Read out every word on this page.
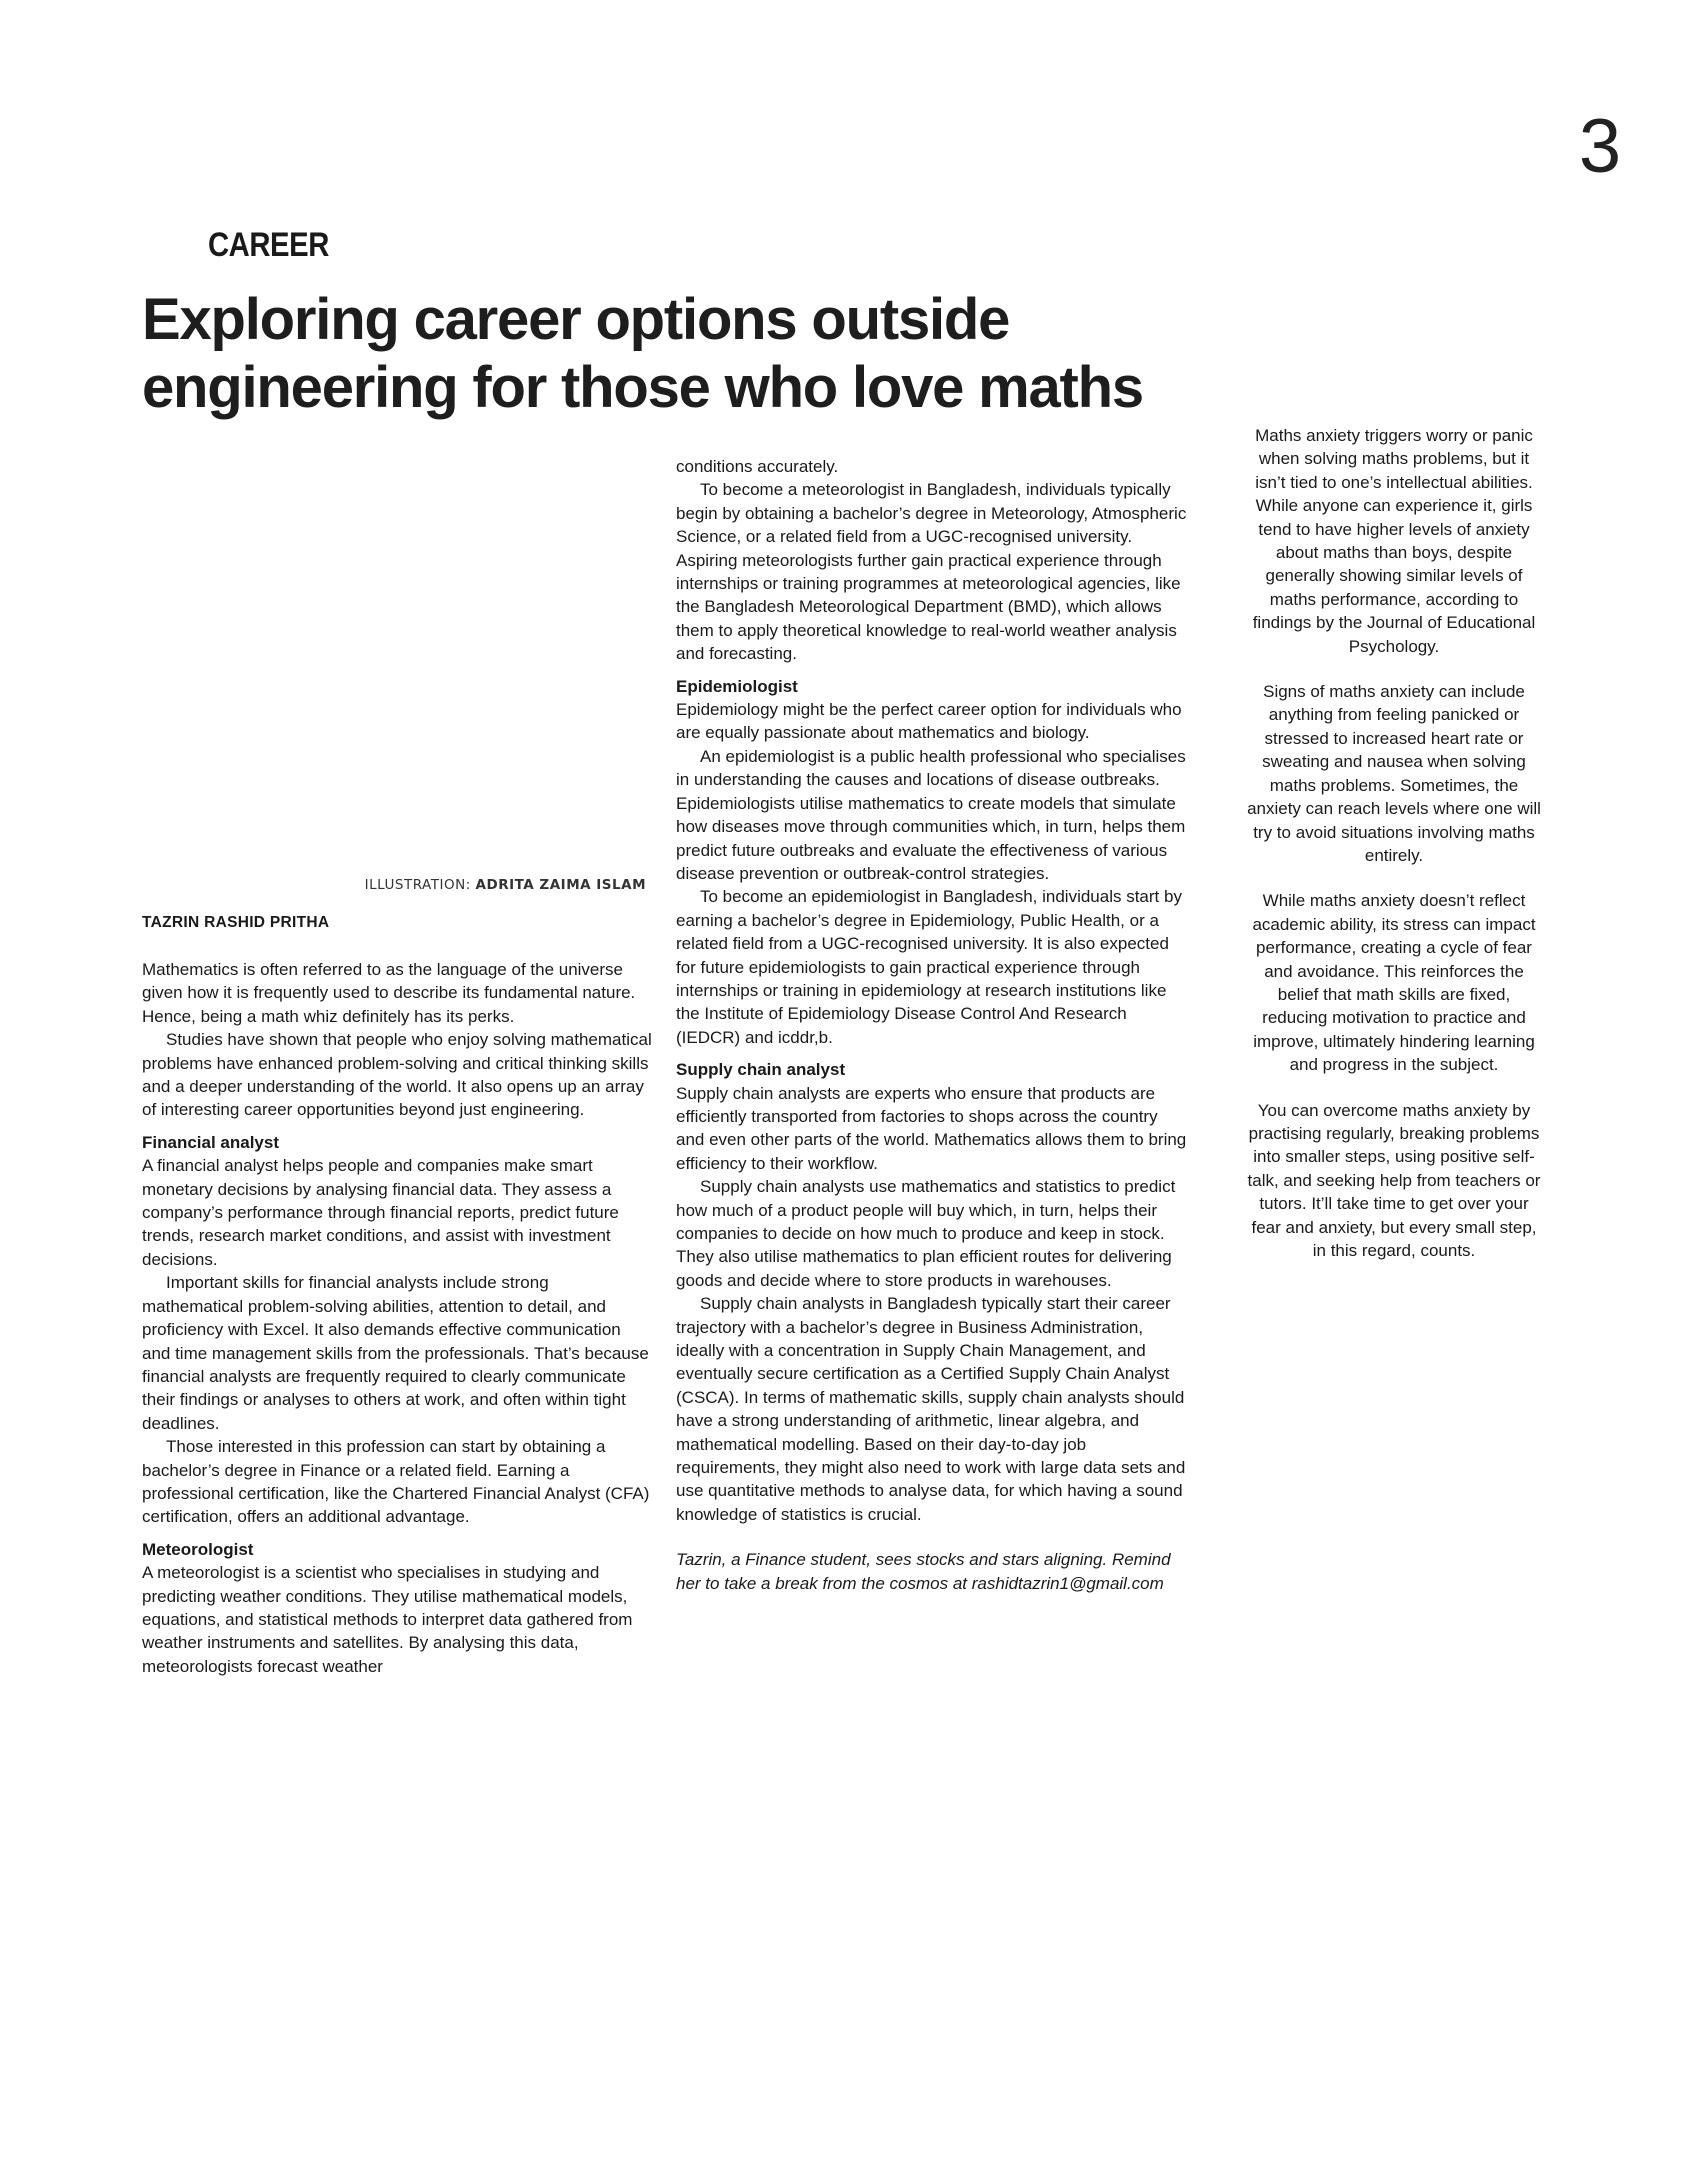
3
CAREER
Exploring career options outside
engineering for those who love maths
ILLUSTRATION: ADRITA ZAIMA ISLAM
TAZRIN RASHID PRITHA

Mathematics is often referred to as the language of the universe given how it is frequently used to describe its fundamental nature. Hence, being a math whiz definitely has its perks.

Studies have shown that people who enjoy solving mathematical problems have enhanced problem-solving and critical thinking skills and a deeper understanding of the world. It also opens up an array of interesting career opportunities beyond just engineering.

Financial analyst

A financial analyst helps people and companies make smart monetary decisions by analysing financial data. They assess a company’s performance through financial reports, predict future trends, research market conditions, and assist with investment decisions.

Important skills for financial analysts include strong mathematical problem-solving abilities, attention to detail, and proficiency with Excel. It also demands effective communication and time management skills from the professionals. That’s because financial analysts are frequently required to clearly communicate their findings or analyses to others at work, and often within tight deadlines.

Those interested in this profession can start by obtaining a bachelor’s degree in Finance or a related field. Earning a professional certification, like the Chartered Financial Analyst (CFA) certification, offers an additional advantage.

Meteorologist

A meteorologist is a scientist who specialises in studying and predicting weather conditions. They utilise mathematical models, equations, and statistical methods to interpret data gathered from weather instruments and satellites. By analysing this data, meteorologists forecast weather

conditions accurately.

To become a meteorologist in Bangladesh, individuals typically begin by obtaining a bachelor’s degree in Meteorology, Atmospheric Science, or a related field from a UGC-recognised university. Aspiring meteorologists further gain practical experience through internships or training programmes at meteorological agencies, like the Bangladesh Meteorological Department (BMD), which allows them to apply theoretical knowledge to real-world weather analysis and forecasting.

Epidemiologist

Epidemiology might be the perfect career option for individuals who are equally passionate about mathematics and biology.

An epidemiologist is a public health professional who specialises in understanding the causes and locations of disease outbreaks. Epidemiologists utilise mathematics to create models that simulate how diseases move through communities which, in turn, helps them predict future outbreaks and evaluate the effectiveness of various disease prevention or outbreak-control strategies.

To become an epidemiologist in Bangladesh, individuals start by earning a bachelor’s degree in Epidemiology, Public Health, or a related field from a UGC-recognised university. It is also expected for future epidemiologists to gain practical experience through internships or training in epidemiology at research institutions like the Institute of Epidemiology Disease Control And Research (IEDCR) and icddr,b.

Supply chain analyst

Supply chain analysts are experts who ensure that products are efficiently transported from factories to shops across the country and even other parts of the world. Mathematics allows them to bring efficiency to their workflow.

Supply chain analysts use mathematics and statistics to predict how much of a product people will buy which, in turn, helps their companies to decide on how much to produce and keep in stock. They also utilise mathematics to plan efficient routes for delivering goods and decide where to store products in warehouses.

Supply chain analysts in Bangladesh typically start their career trajectory with a bachelor’s degree in Business Administration, ideally with a concentration in Supply Chain Management, and eventually secure certification as a Certified Supply Chain Analyst (CSCA). In terms of mathematic skills, supply chain analysts should have a strong understanding of arithmetic, linear algebra, and mathematical modelling. Based on their day-to-day job requirements, they might also need to work with large data sets and use quantitative methods to analyse data, for which having a sound knowledge of statistics is crucial.

Tazrin, a Finance student, sees stocks and stars aligning. Remind her to take a break from the cosmos at rashidtazrin1@gmail.com

Maths anxiety triggers worry or panic when solving maths problems, but it isn’t tied to one’s intellectual abilities. While anyone can experience it, girls tend to have higher levels of anxiety about maths than boys, despite generally showing similar levels of maths performance, according to findings by the Journal of Educational Psychology.

Signs of maths anxiety can include anything from feeling panicked or stressed to increased heart rate or sweating and nausea when solving maths problems. Sometimes, the anxiety can reach levels where one will try to avoid situations involving maths entirely.

While maths anxiety doesn’t reflect academic ability, its stress can impact performance, creating a cycle of fear and avoidance. This reinforces the belief that math skills are fixed, reducing motivation to practice and improve, ultimately hindering learning and progress in the subject.

You can overcome maths anxiety by practising regularly, breaking problems into smaller steps, using positive self-talk, and seeking help from teachers or tutors. It’ll take time to get over your fear and anxiety, but every small step, in this regard, counts.
